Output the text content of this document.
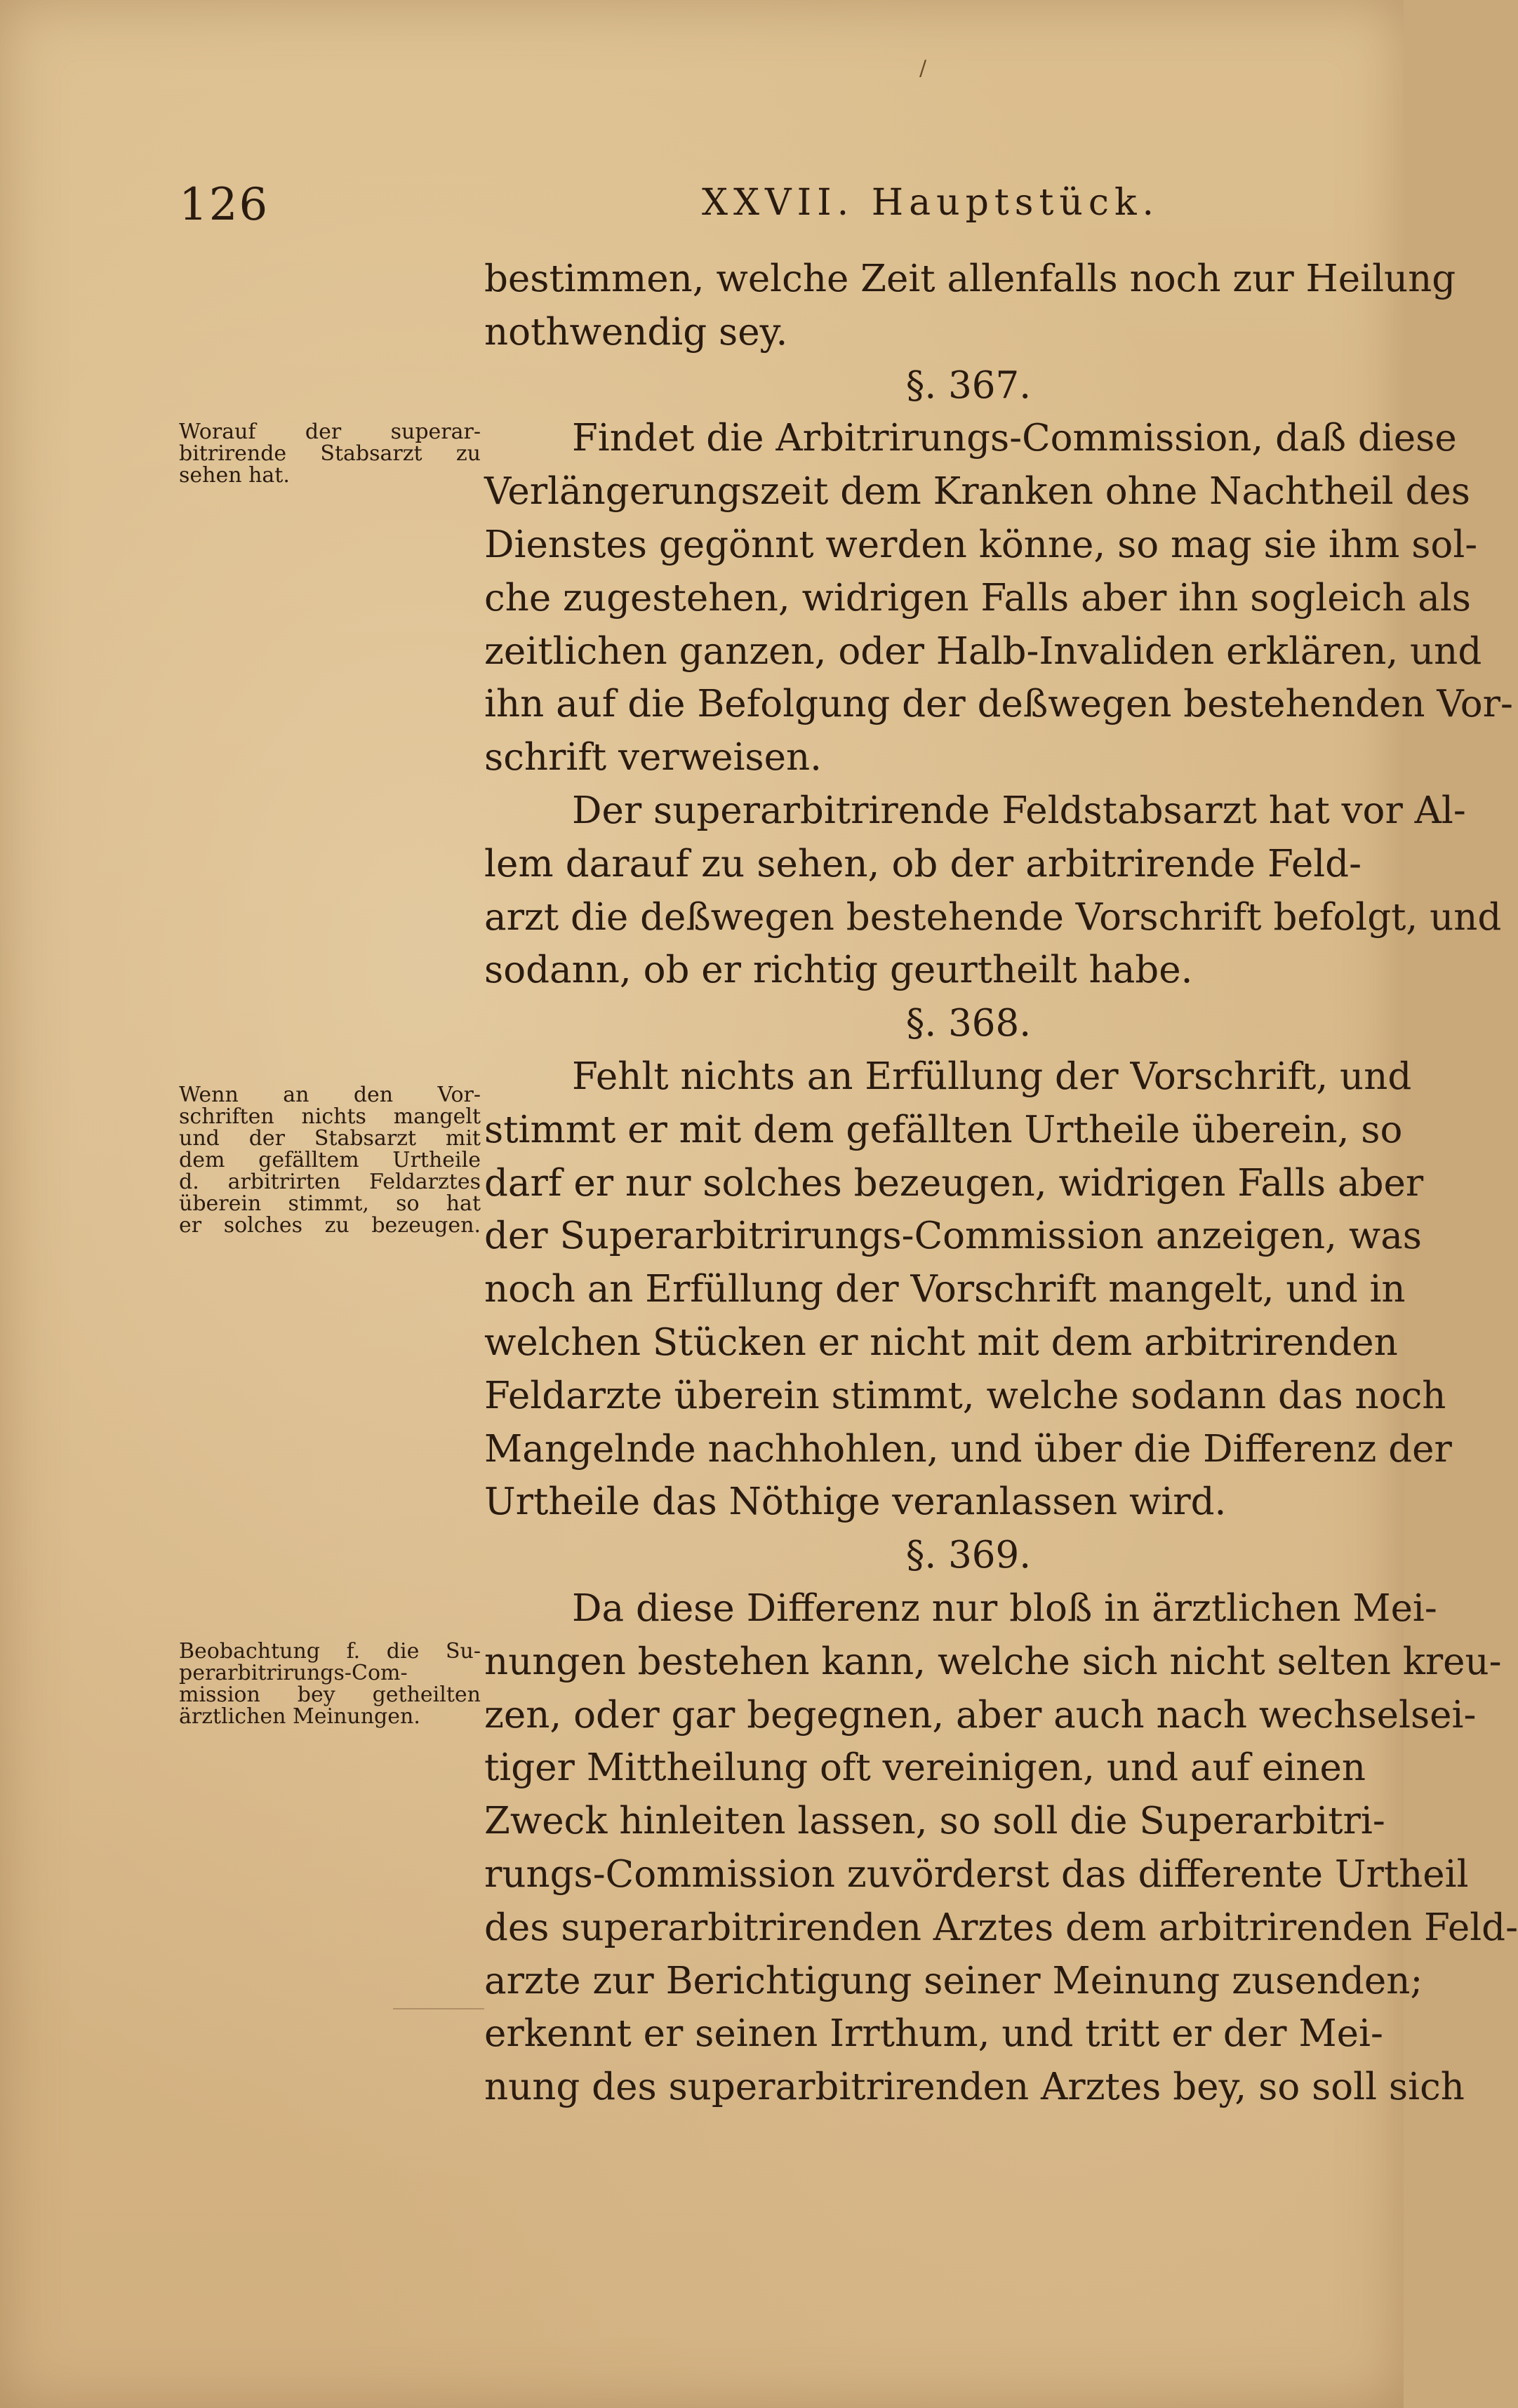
126	XXVII. Hauptstück.
Worauf der superar-
bitrirende Stabsarzt zu
sehen hat.
Wenn an den Vor-
schriften nichts mangelt
und der Stabsarzt mit
dem gefälltem Urtheile
d. arbitrirten Feldarztes
überein stimmt, so hat
er solches zu bezeugen.
Beobachtung f. die Su-
perarbitrirungs-Com-
mission bey getheilten
ärztlichen Meinungen.
bestimmen, welche Zeit allenfalls noch zur Heilung
nothwendig sey.
§. 367.
Findet die Arbitrirungs-Commission, daß diese
Verlängerungszeit dem Kranken ohne Nachtheil des
Dienstes gegönnt werden könne, so mag sie ihm sol-
che zugestehen, widrigen Falls aber ihn sogleich als
zeitlichen ganzen, oder Halb-Invaliden erklären, und
ihn auf die Befolgung der deßwegen bestehenden Vor-
schrift verweisen.
Der superarbitrirende Feldstabsarzt hat vor Al-
lem darauf zu sehen, ob der arbitrirende Feld-
arzt die deßwegen bestehende Vorschrift befolgt, und
sodann, ob er richtig geurtheilt habe.
§. 368.
Fehlt nichts an Erfüllung der Vorschrift, und
stimmt er mit dem gefällten Urtheile überein, so
darf er nur solches bezeugen, widrigen Falls aber
der Superarbitrirungs-Commission anzeigen, was
noch an Erfüllung der Vorschrift mangelt, und in
welchen Stücken er nicht mit dem arbitrirenden
Feldarzte überein stimmt, welche sodann das noch
Mangelnde nachhohlen, und über die Differenz der
Urtheile das Nöthige veranlassen wird.
§. 369.
Da diese Differenz nur bloß in ärztlichen Mei-
nungen bestehen kann, welche sich nicht selten kreu-
zen, oder gar begegnen, aber auch nach wechselsei-
tiger Mittheilung oft vereinigen, und auf einen
Zweck hinleiten lassen, so soll die Superarbitri-
rungs-Commission zuvörderst das differente Urtheil
des superarbitrirenden Arztes dem arbitrirenden Feld-
arzte zur Berichtigung seiner Meinung zusenden;
erkennt er seinen Irrthum, und tritt er der Mei-
nung des superarbitrirenden Arztes bey, so soll sich
/
